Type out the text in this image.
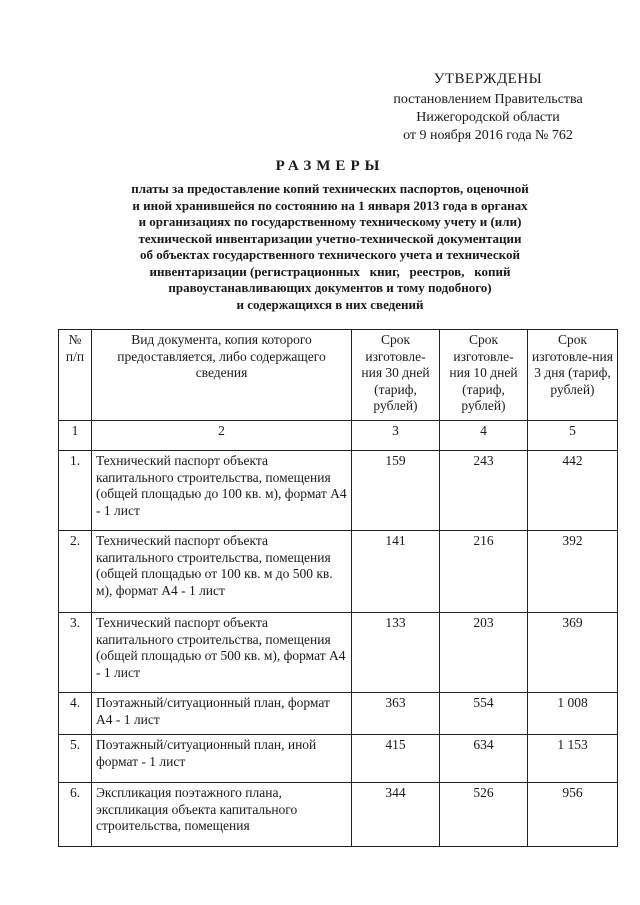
УТВЕРЖДЕНЫ
постановлением Правительства
Нижегородской области
от 9 ноября 2016 года № 762
РАЗМЕРЫ
платы за предоставление копий технических паспортов, оценочной
и иной хранившейся по состоянию на 1 января 2013 года в органах
и организациях по государственному техническому учету и (или)
технической инвентаризации учетно-технической документации
об объектах государственного технического учета и технической
инвентаризации (регистрационных   книг,   реестров,   копий
правоустанавливающих документов и тому подобного)
и содержащихся в них сведений
№ п/п	Вид документа, копия которого предоставляется, либо содержащего сведения	Срок изготовле-ния 30 дней (тариф, рублей)	Срок изготовле-ния 10 дней (тариф, рублей)	Срок изготовле-ния 3 дня (тариф, рублей)
1	2	3	4	5
1.	Технический паспорт объекта капитального строительства, помещения (общей площадью до 100 кв. м), формат А4 - 1 лист	159	243	442
2.	Технический паспорт объекта капитального строительства, помещения (общей площадью от 100 кв. м до 500 кв. м), формат А4 - 1 лист	141	216	392
3.	Технический паспорт объекта капитального строительства, помещения (общей площадью от 500 кв. м), формат А4 - 1 лист	133	203	369
4.	Поэтажный/ситуационный план, формат А4 - 1 лист	363	554	1 008
5.	Поэтажный/ситуационный план, иной формат - 1 лист	415	634	1 153
6.	Экспликация поэтажного плана, экспликация объекта капитального строительства, помещения	344	526	956
